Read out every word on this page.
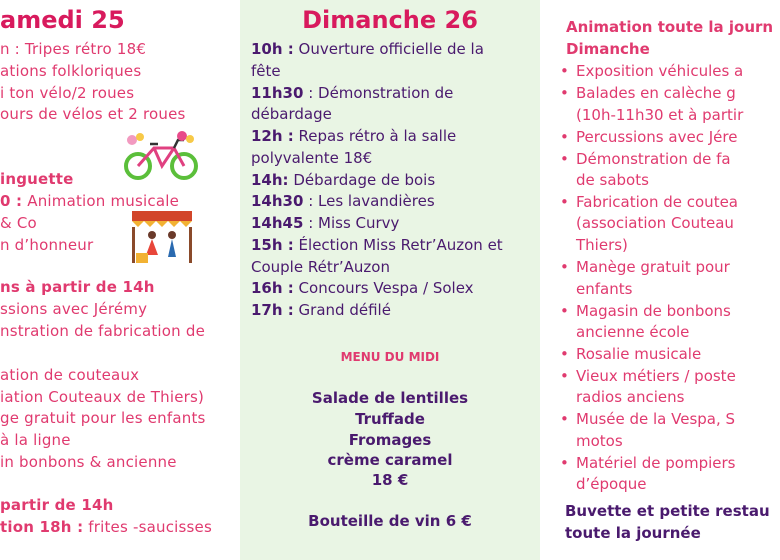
amedi 25
n : Tripes rétro 18€
ations folkloriques
i ton vélo/2 roues
ours de vélos et 2 roues
inguette
0 : Animation musicale
& Co
n d’honneur
ns à partir de 14h
ssions avec Jérémy
nstration de fabrication de
ation de couteaux
iation Couteaux de Thiers)
ge gratuit pour les enfants
à la ligne
in bonbons & ancienne
partir de 14h
tion 18h : frites -saucisses
Dimanche 26
10h : Ouverture officielle de la
fête
11h30 : Démonstration de
débardage
12h : Repas rétro à la salle
polyvalente 18€
14h: Débardage de bois
14h30 : Les lavandières
14h45 : Miss Curvy
15h : Élection Miss Retr’Auzon et
Couple Rétr’Auzon
16h : Concours Vespa / Solex
17h : Grand défilé
MENU DU MIDI
Salade de lentilles
Truffade
Fromages
crème caramel
18 €
Bouteille de vin 6 €
Animation toute la journ
Dimanche
• Exposition véhicules a
• Balades en calèche g
(10h-11h30 et à partir
• Percussions avec Jére
• Démonstration de fa
de sabots
• Fabrication de coutea
(association Couteau
Thiers)
• Manège gratuit pour
enfants
• Magasin de bonbons
ancienne école
• Rosalie musicale
• Vieux métiers / poste
radios anciens
• Musée de la Vespa, S
motos
• Matériel de pompiers
d’époque
Buvette et petite restau
toute la journée
